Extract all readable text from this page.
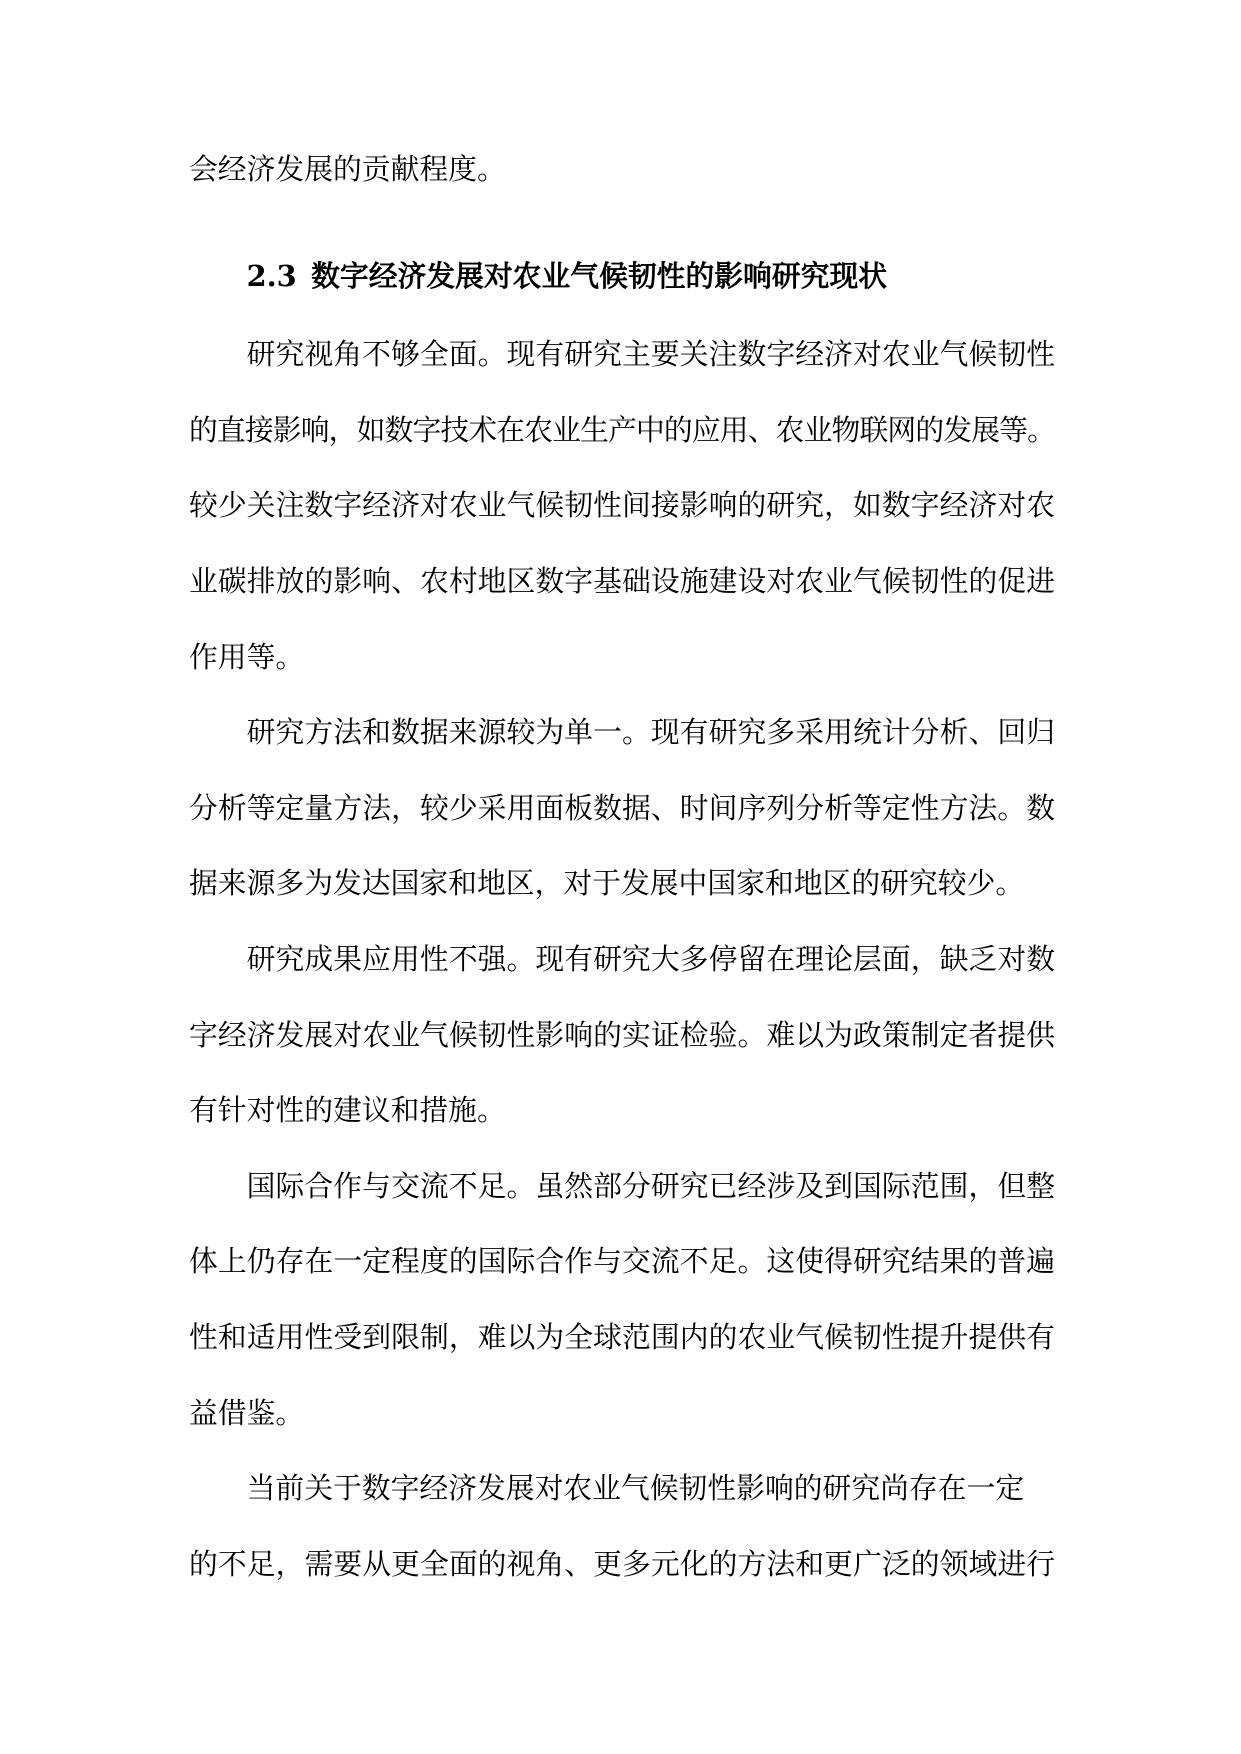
会经济发展的贡献程度。
2.3 数字经济发展对农业气候韧性的影响研究现状
研究视角不够全面。现有研究主要关注数字经济对农业气候韧性
的直接影响，如数字技术在农业生产中的应用、农业物联网的发展等。
较少关注数字经济对农业气候韧性间接影响的研究，如数字经济对农
业碳排放的影响、农村地区数字基础设施建设对农业气候韧性的促进
作用等。
研究方法和数据来源较为单一。现有研究多采用统计分析、回归
分析等定量方法，较少采用面板数据、时间序列分析等定性方法。数
据来源多为发达国家和地区，对于发展中国家和地区的研究较少。
研究成果应用性不强。现有研究大多停留在理论层面，缺乏对数
字经济发展对农业气候韧性影响的实证检验。难以为政策制定者提供
有针对性的建议和措施。
国际合作与交流不足。虽然部分研究已经涉及到国际范围，但整
体上仍存在一定程度的国际合作与交流不足。这使得研究结果的普遍
性和适用性受到限制，难以为全球范围内的农业气候韧性提升提供有
益借鉴。
当前关于数字经济发展对农业气候韧性影响的研究尚存在一定
的不足，需要从更全面的视角、更多元化的方法和更广泛的领域进行
